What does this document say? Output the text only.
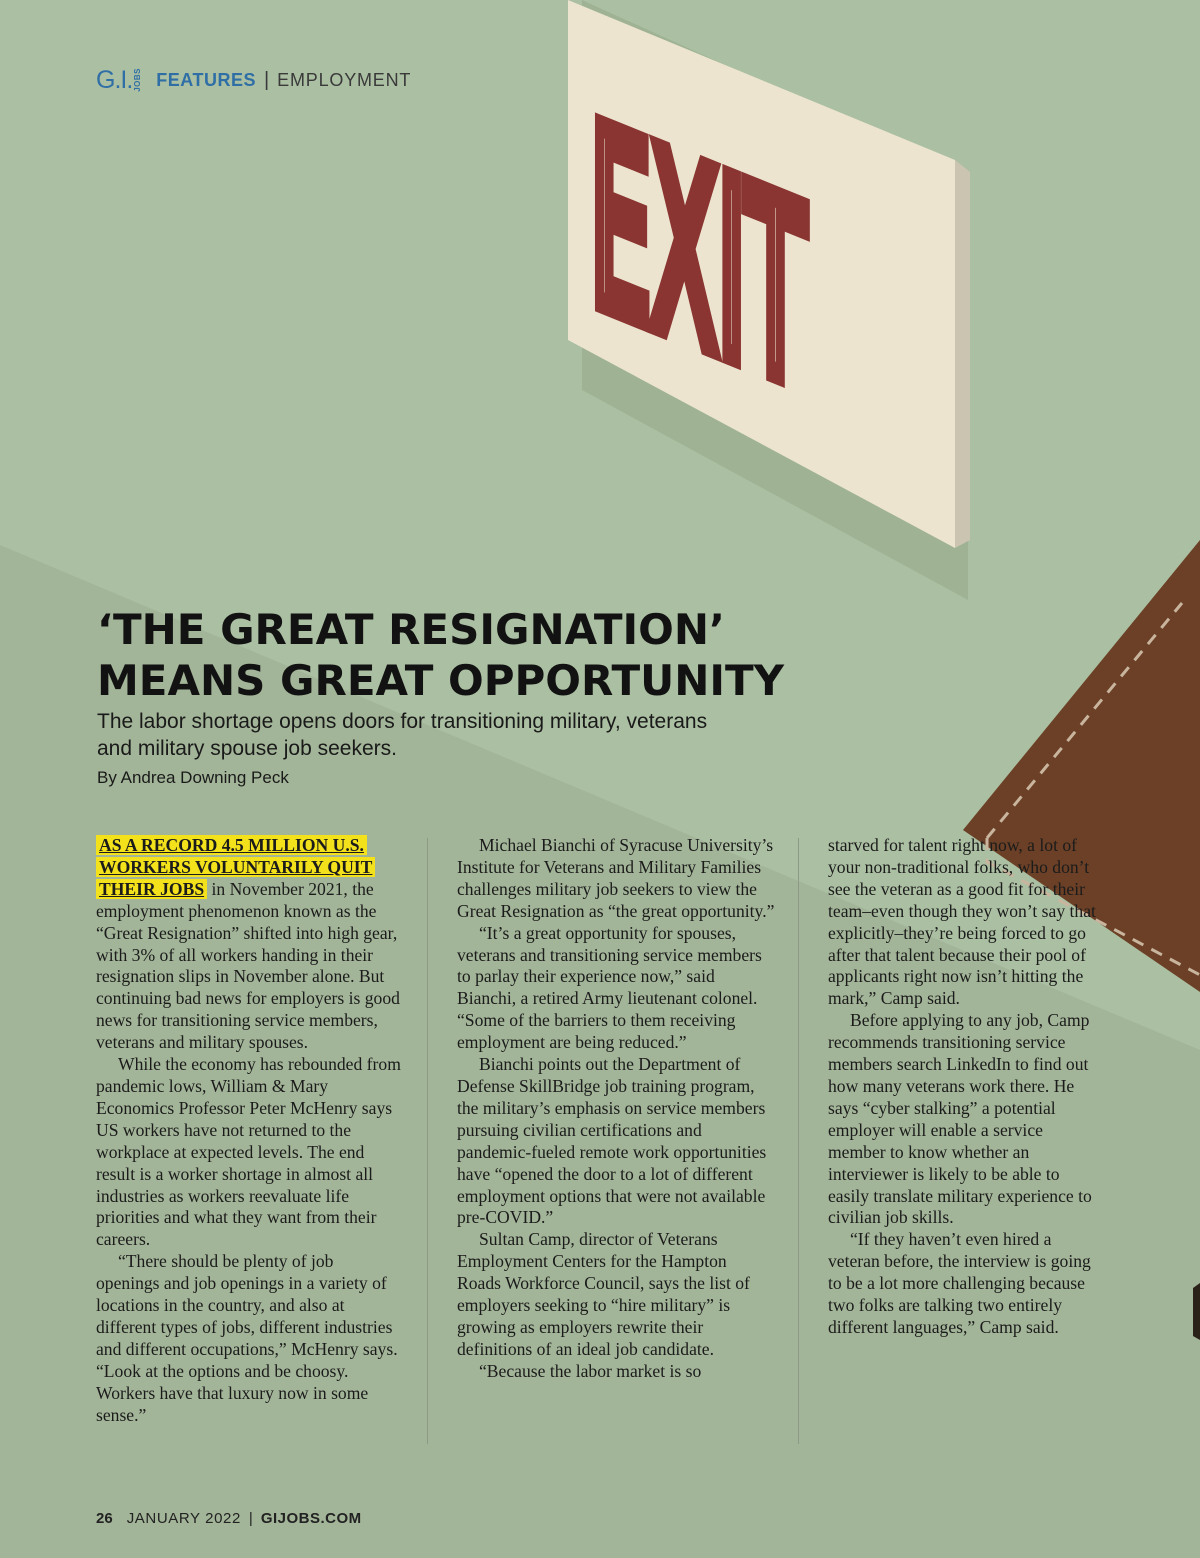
EXIT
G.I. JOBS FEATURES | EMPLOYMENT
‘THE GREAT RESIGNATION’
MEANS GREAT OPPORTUNITY

The labor shortage opens doors for transitioning military, veterans and military spouse job seekers.

By Andrea Downing Peck

AS A RECORD 4.5 MILLION U.S. WORKERS VOLUNTARILY QUIT THEIR JOBS in November 2021, the employment phenomenon known as the “Great Resignation” shifted into high gear, with 3% of all workers handing in their resignation slips in November alone. But continuing bad news for employers is good news for transitioning service members, veterans and military spouses.

While the economy has rebounded from pandemic lows, William & Mary Economics Professor Peter McHenry says US workers have not returned to the workplace at expected levels. The end result is a worker shortage in almost all industries as workers reevaluate life priorities and what they want from their careers.

“There should be plenty of job openings and job openings in a variety of locations in the country, and also at different types of jobs, different industries and different occupations,” McHenry says. “Look at the options and be choosy. Workers have that luxury now in some sense.”

Michael Bianchi of Syracuse University’s Institute for Veterans and Military Families challenges military job seekers to view the Great Resignation as “the great opportunity.”

“It’s a great opportunity for spouses, veterans and transitioning service members to parlay their experience now,” said Bianchi, a retired Army lieutenant colonel. “Some of the barriers to them receiving employment are being reduced.”

Bianchi points out the Department of Defense SkillBridge job training program, the military’s emphasis on service members pursuing civilian certifications and pandemic-fueled remote work opportunities have “opened the door to a lot of different employment options that were not available pre-COVID.”

Sultan Camp, director of Veterans Employment Centers for the Hampton Roads Workforce Council, says the list of employers seeking to “hire military” is growing as employers rewrite their definitions of an ideal job candidate.

“Because the labor market is so

starved for talent right now, a lot of your non-traditional folks, who don’t see the veteran as a good fit for their team–even though they won’t say that explicitly–they’re being forced to go after that talent because their pool of applicants right now isn’t hitting the mark,” Camp said.

Before applying to any job, Camp recommends transitioning service members search LinkedIn to find out how many veterans work there. He says “cyber stalking” a potential employer will enable a service member to know whether an interviewer is likely to be able to easily translate military experience to civilian job skills.

“If they haven’t even hired a veteran before, the interview is going to be a lot more challenging because two folks are talking two entirely different languages,” Camp said.

26 JANUARY 2022 | GIJOBS.COM
